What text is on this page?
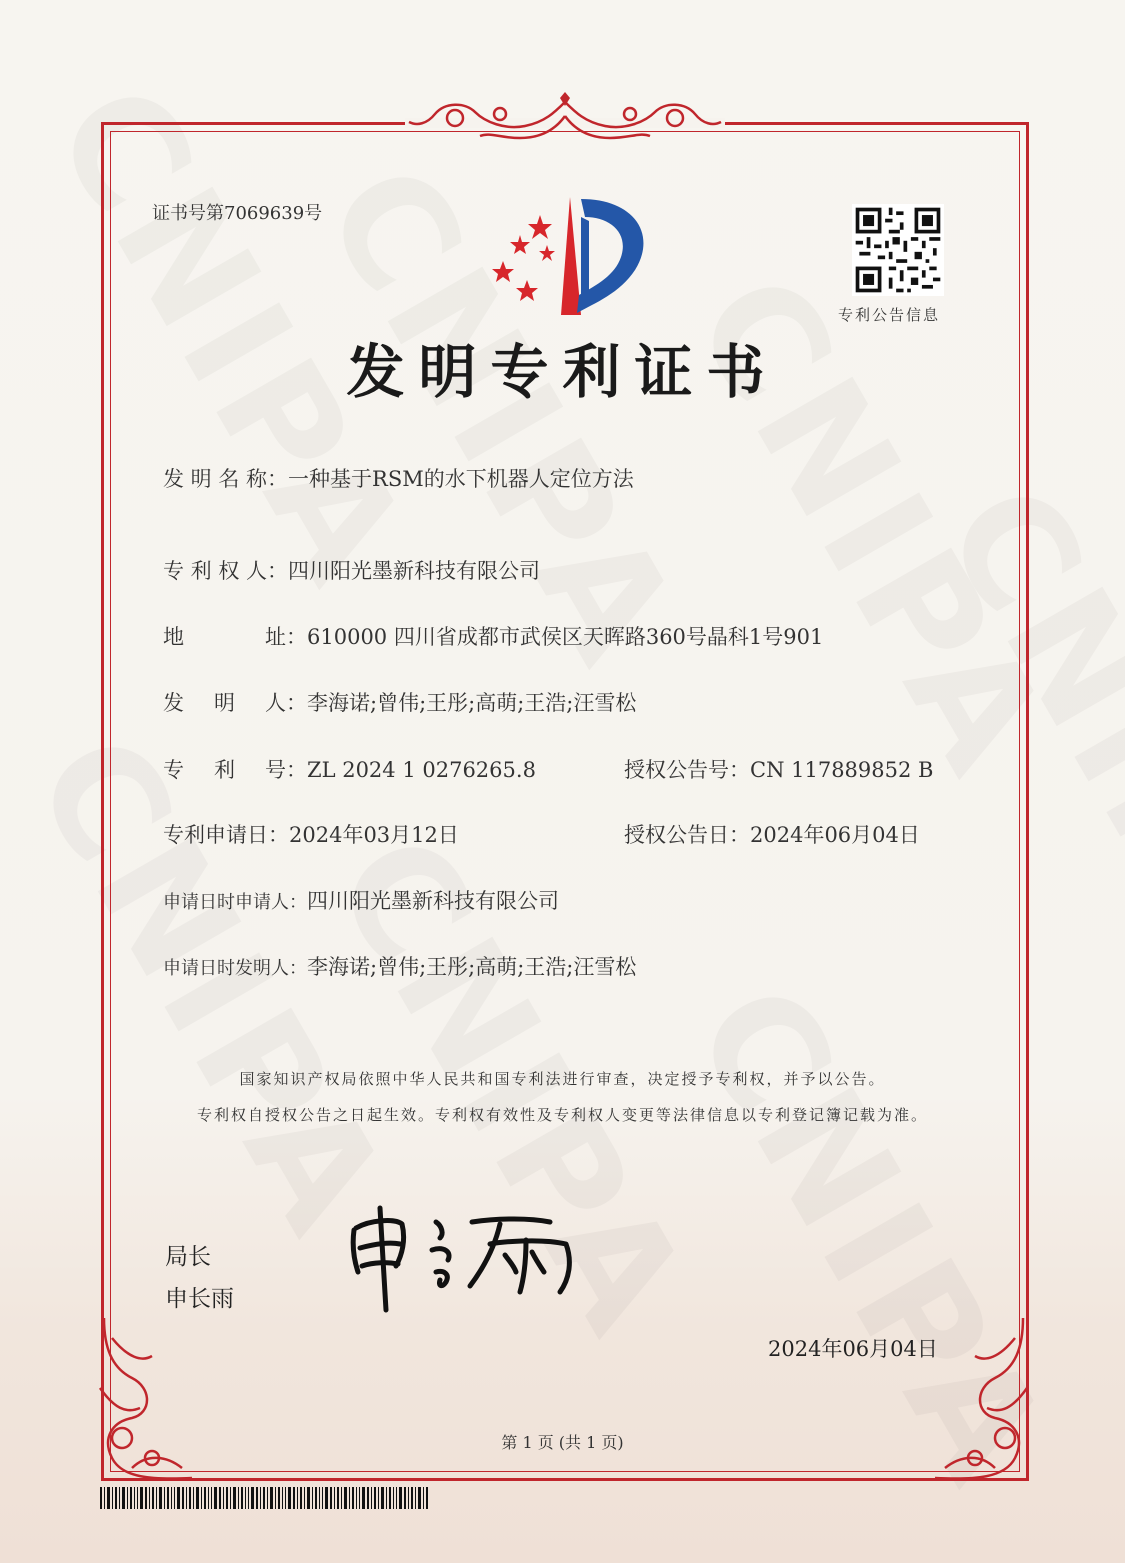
证书号第7069639号
专利公告信息
发明专利证书
发 明 名 称：一种基于RSM的水下机器人定位方法
专 利 权 人：四川阳光墨新科技有限公司
地	址：610000 四川省成都市武侯区天晖路360号晶科1号901
发 明 人：李海诺;曾伟;王彤;高萌;王浩;汪雪松
专 利 号：ZL 2024 1 0276265.8	授权公告号：CN 117889852 B
专利申请日：2024年03月12日	授权公告日：2024年06月04日
申请日时申请人：四川阳光墨新科技有限公司
申请日时发明人：李海诺;曾伟;王彤;高萌;王浩;汪雪松
国家知识产权局依照中华人民共和国专利法进行审查，决定授予专利权，并予以公告。
专利权自授权公告之日起生效。专利权有效性及专利权人变更等法律信息以专利登记簿记载为准。
局长
申长雨
2024年06月04日
第 1 页 (共 1 页)
